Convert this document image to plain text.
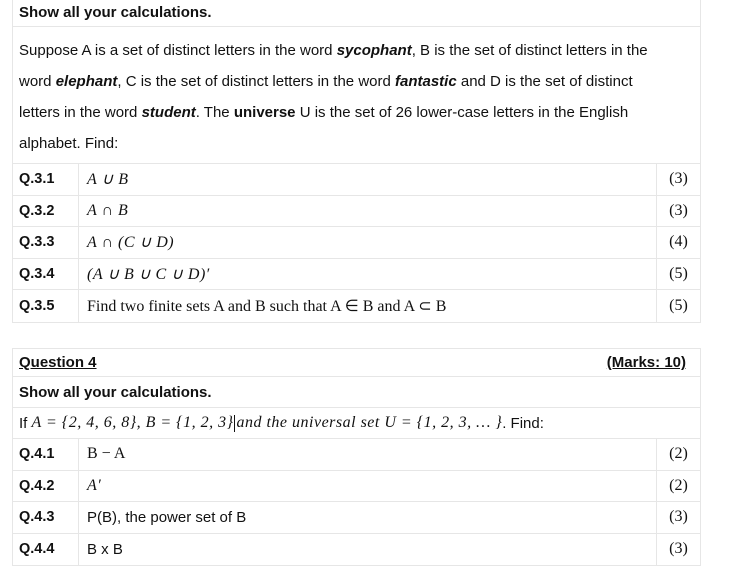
Show all your calculations.
Suppose A is a set of distinct letters in the word sycophant, B is the set of distinct letters in the
word elephant, C is the set of distinct letters in the word fantastic and D is the set of distinct
letters in the word student. The universe U is the set of 26 lower-case letters in the English
alphabet. Find:
Q.3.1	A ∪ B	(3)
Q.3.2	A ∩ B	(3)
Q.3.3	A ∩ (C ∪ D)	(4)
Q.3.4	(A ∪ B ∪ C ∪ D)′	(5)
Q.3.5	Find two finite sets A and B such that A ∈ B and A ⊂ B	(5)
Question 4	(Marks: 10)
Show all your calculations.
If
A = {2, 4, 6, 8}, B = {1, 2, 3} and the universal set U = {1, 2, 3, … } . Find:
Q.4.1	B − A	(2)
Q.4.2	A′	(2)
Q.4.3	P(B), the power set of B	(3)
Q.4.4	B x B	(3)
